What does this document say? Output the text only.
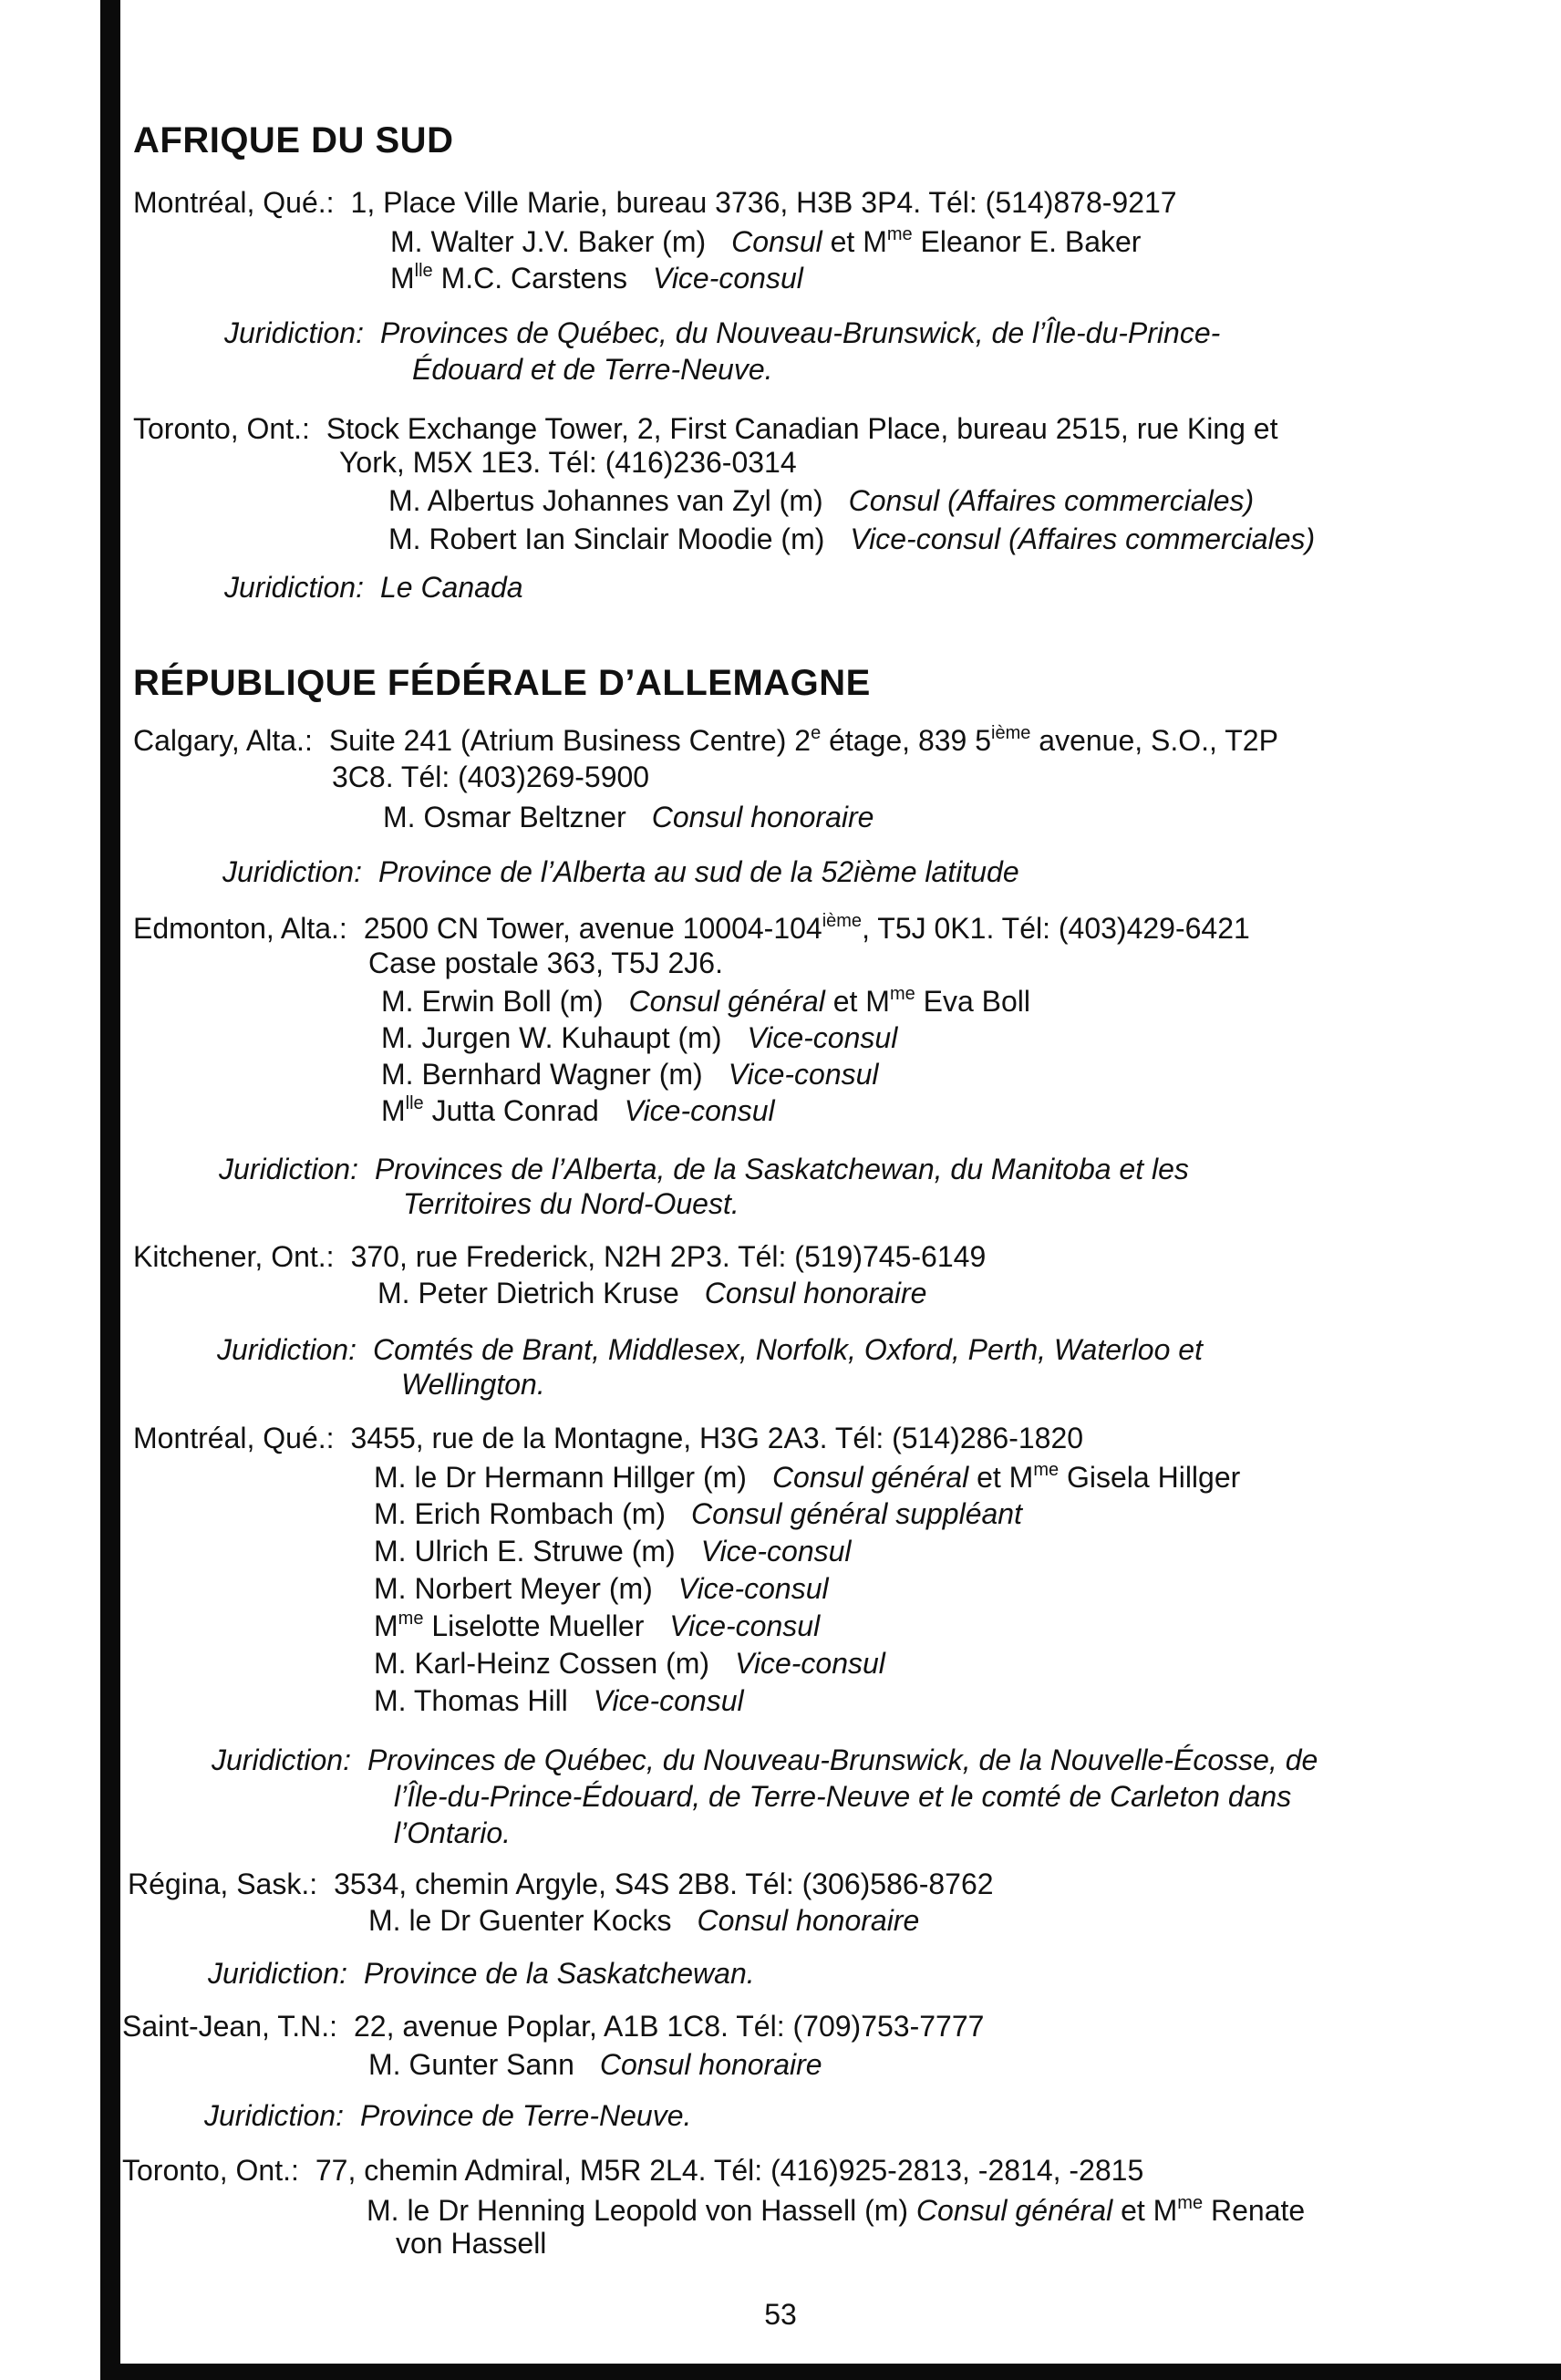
AFRIQUE DU SUD
Montréal, Qué.: 1, Place Ville Marie, bureau 3736, H3B 3P4. Tél: (514)878-9217
M. Walter J.V. Baker (m) Consul et $M^{me}$ Eleanor E. Baker
$M^{lle}$ M.C. Carstens Vice-consul
Juridiction: Provinces de Québec, du Nouveau-Brunswick, de l’Île-du-Prince-
Édouard et de Terre-Neuve.
Toronto, Ont.: Stock Exchange Tower, 2, First Canadian Place, bureau 2515, rue King et
York, M5X 1E3. Tél: (416)236-0314
M. Albertus Johannes van Zyl (m) Consul (Affaires commerciales)
M. Robert Ian Sinclair Moodie (m) Vice-consul (Affaires commerciales)
Juridiction: Le Canada
RÉPUBLIQUE FÉDÉRALE D’ALLEMAGNE
Calgary, Alta.: Suite 241 (Atrium Business Centre) 2e étage, 839 5ième avenue, S.O., T2P
3C8. Tél: (403)269-5900
M. Osmar Beltzner Consul honoraire
Juridiction: Province de l’Alberta au sud de la 52ième latitude
Edmonton, Alta.: 2500 CN Tower, avenue 10004-104ième, T5J 0K1. Tél: (403)429-6421
Case postale 363, T5J 2J6.
M. Erwin Boll (m) Consul général et $M^{me}$ Eva Boll
M. Jurgen W. Kuhaupt (m) Vice-consul
M. Bernhard Wagner (m) Vice-consul
$M^{lle}$ Jutta Conrad Vice-consul
Juridiction: Provinces de l’Alberta, de la Saskatchewan, du Manitoba et les
Territoires du Nord-Ouest.
Kitchener, Ont.: 370, rue Frederick, N2H 2P3. Tél: (519)745-6149
M. Peter Dietrich Kruse Consul honoraire
Juridiction: Comtés de Brant, Middlesex, Norfolk, Oxford, Perth, Waterloo et
Wellington.
Montréal, Qué.: 3455, rue de la Montagne, H3G 2A3. Tél: (514)286-1820
M. le Dr Hermann Hillger (m) Consul général et $M^{me}$ Gisela Hillger
M. Erich Rombach (m) Consul général suppléant
M. Ulrich E. Struwe (m) Vice-consul
M. Norbert Meyer (m) Vice-consul
$M^{me}$ Liselotte Mueller Vice-consul
M. Karl-Heinz Cossen (m) Vice-consul
M. Thomas Hill Vice-consul
Juridiction: Provinces de Québec, du Nouveau-Brunswick, de la Nouvelle-Écosse, de
l’Île-du-Prince-Édouard, de Terre-Neuve et le comté de Carleton dans
l’Ontario.
Régina, Sask.: 3534, chemin Argyle, S4S 2B8. Tél: (306)586-8762
M. le Dr Guenter Kocks Consul honoraire
Juridiction: Province de la Saskatchewan.
Saint-Jean, T.N.: 22, avenue Poplar, A1B 1C8. Tél: (709)753-7777
M. Gunter Sann Consul honoraire
Juridiction: Province de Terre-Neuve.
Toronto, Ont.: 77, chemin Admiral, M5R 2L4. Tél: (416)925-2813, -2814, -2815
M. le Dr Henning Leopold von Hassell (m) Consul général et $M^{me}$ Renate
von Hassell
53
